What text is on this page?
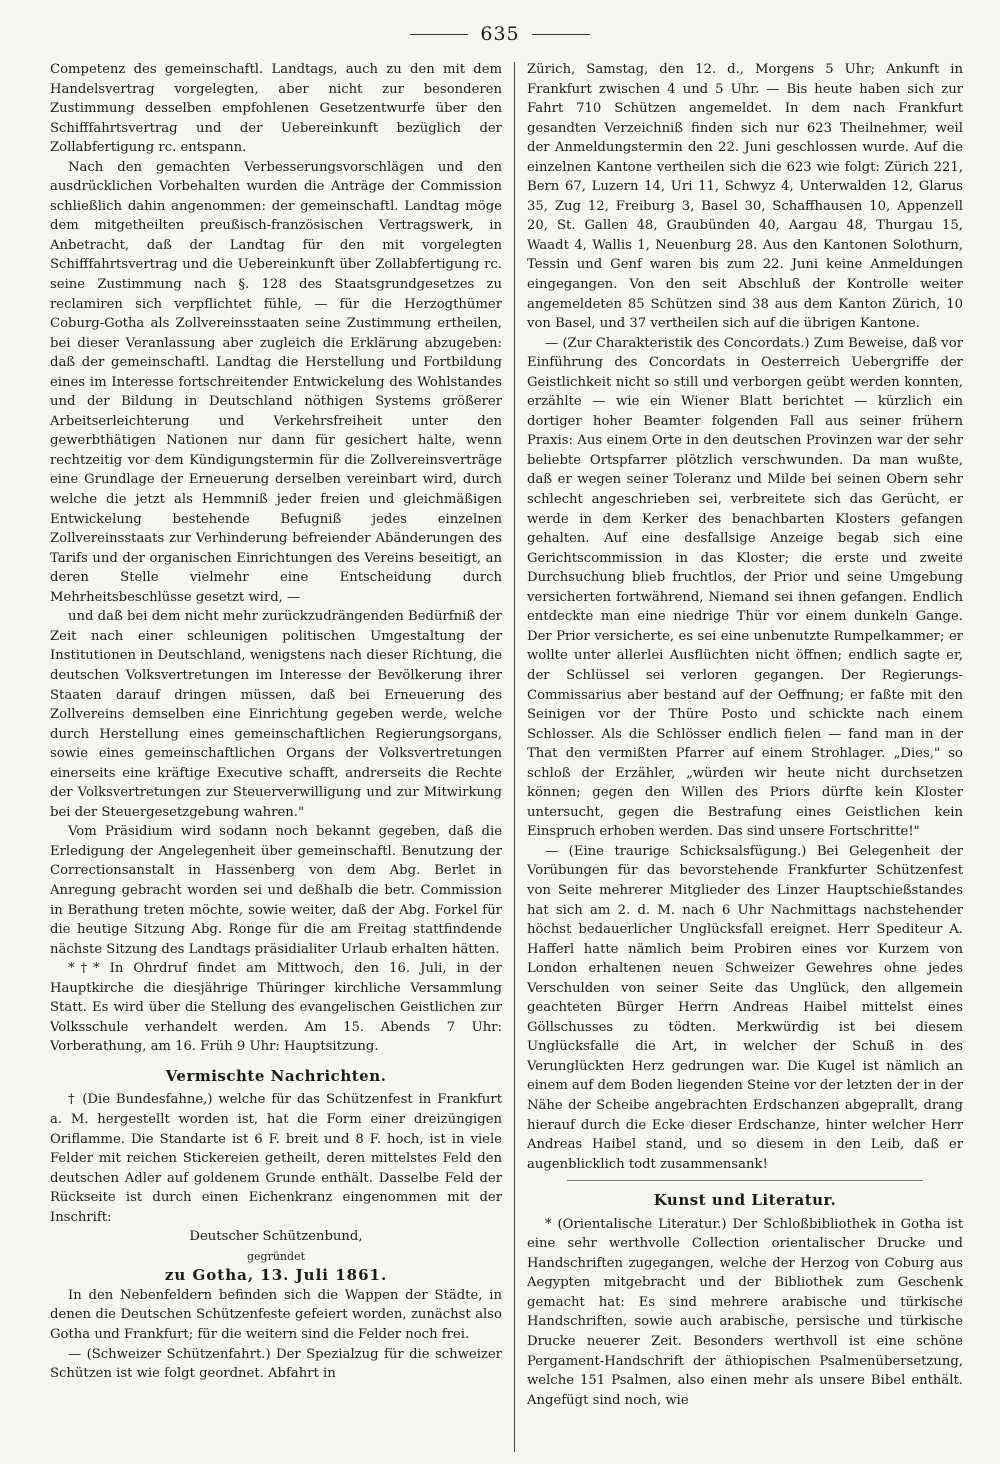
635

Competenz des gemeinschaftl. Landtags, auch zu den mit dem Handelsvertrag vorgelegten, aber nicht zur besonderen Zustimmung desselben empfohlenen Gesetzentwurfe über den Schifffahrtsvertrag und der Uebereinkunft bezüglich der Zollabfertigung rc. entspann.

Nach den gemachten Verbesserungsvorschlägen und den ausdrücklichen Vorbehalten wurden die Anträge der Commission schließlich dahin angenommen: der gemeinschaftl. Landtag möge dem mitgetheilten preußisch-französischen Vertragswerk, in Anbetracht, daß der Landtag für den mit vorgelegten Schifffahrtsvertrag und die Uebereinkunft über Zollabfertigung rc. seine Zustimmung nach §. 128 des Staatsgrundgesetzes zu reclamiren sich verpflichtet fühle, — für die Herzogthümer Coburg-Gotha als Zollvereinsstaaten seine Zustimmung ertheilen, bei dieser Veranlassung aber zugleich die Erklärung abzugeben: daß der gemeinschaftl. Landtag die Herstellung und Fortbildung eines im Interesse fortschreitender Entwickelung des Wohlstandes und der Bildung in Deutschland nöthigen Systems größerer Arbeitserleichterung und Verkehrsfreiheit unter den gewerbthätigen Nationen nur dann für gesichert halte, wenn rechtzeitig vor dem Kündigungstermin für die Zollvereinsverträge eine Grundlage der Erneuerung derselben vereinbart wird, durch welche die jetzt als Hemmniß jeder freien und gleichmäßigen Entwickelung bestehende Befugniß jedes einzelnen Zollvereinsstaats zur Verhinderung befreiender Abänderungen des Tarifs und der organischen Einrichtungen des Vereins beseitigt, an deren Stelle vielmehr eine Entscheidung durch Mehrheitsbeschlüsse gesetzt wird, —

und daß bei dem nicht mehr zurückzudrängenden Bedürfniß der Zeit nach einer schleunigen politischen Umgestaltung der Institutionen in Deutschland, wenigstens nach dieser Richtung, die deutschen Volksvertretungen im Interesse der Bevölkerung ihrer Staaten darauf dringen müssen, daß bei Erneuerung des Zollvereins demselben eine Einrichtung gegeben werde, welche durch Herstellung eines gemeinschaftlichen Regierungsorgans, sowie eines gemeinschaftlichen Organs der Volksvertretungen einerseits eine kräftige Executive schafft, andrerseits die Rechte der Volksvertretungen zur Steuerverwilligung und zur Mitwirkung bei der Steuergesetzgebung wahren."

Vom Präsidium wird sodann noch bekannt gegeben, daß die Erledigung der Angelegenheit über gemeinschaftl. Benutzung der Correctionsanstalt in Hassenberg von dem Abg. Berlet in Anregung gebracht worden sei und deßhalb die betr. Commission in Berathung treten möchte, sowie weiter, daß der Abg. Forkel für die heutige Sitzung Abg. Ronge für die am Freitag stattfindende nächste Sitzung des Landtags präsidialiter Urlaub erhalten hätten.

*†* In Ohrdruf findet am Mittwoch, den 16. Juli, in der Hauptkirche die diesjährige Thüringer kirchliche Versammlung Statt. Es wird über die Stellung des evangelischen Geistlichen zur Volksschule verhandelt werden. Am 15. Abends 7 Uhr: Vorberathung, am 16. Früh 9 Uhr: Hauptsitzung.

Vermischte Nachrichten.

† (Die Bundesfahne,) welche für das Schützenfest in Frankfurt a. M. hergestellt worden ist, hat die Form einer dreizüngigen Oriflamme. Die Standarte ist 6 F. breit und 8 F. hoch, ist in viele Felder mit reichen Stickereien getheilt, deren mittelstes Feld den deutschen Adler auf goldenem Grunde enthält. Dasselbe Feld der Rückseite ist durch einen Eichenkranz eingenommen mit der Inschrift:

Deutscher Schützenbund,

gegründet

zu Gotha, 13. Juli 1861.

In den Nebenfeldern befinden sich die Wappen der Städte, in denen die Deutschen Schützenfeste gefeiert worden, zunächst also Gotha und Frankfurt; für die weitern sind die Felder noch frei.

— (Schweizer Schützenfahrt.) Der Spezialzug für die schweizer Schützen ist wie folgt geordnet. Abfahrt in

Zürich, Samstag, den 12. d., Morgens 5 Uhr; Ankunft in Frankfurt zwischen 4 und 5 Uhr. — Bis heute haben sich zur Fahrt 710 Schützen angemeldet. In dem nach Frankfurt gesandten Verzeichniß finden sich nur 623 Theilnehmer, weil der Anmeldungstermin den 22. Juni geschlossen wurde. Auf die einzelnen Kantone vertheilen sich die 623 wie folgt: Zürich 221, Bern 67, Luzern 14, Uri 11, Schwyz 4, Unterwalden 12, Glarus 35, Zug 12, Freiburg 3, Basel 30, Schaffhausen 10, Appenzell 20, St. Gallen 48, Graubünden 40, Aargau 48, Thurgau 15, Waadt 4, Wallis 1, Neuenburg 28. Aus den Kantonen Solothurn, Tessin und Genf waren bis zum 22. Juni keine Anmeldungen eingegangen. Von den seit Abschluß der Kontrolle weiter angemeldeten 85 Schützen sind 38 aus dem Kanton Zürich, 10 von Basel, und 37 vertheilen sich auf die übrigen Kantone.

— (Zur Charakteristik des Concordats.) Zum Beweise, daß vor Einführung des Concordats in Oesterreich Uebergriffe der Geistlichkeit nicht so still und verborgen geübt werden konnten, erzählte — wie ein Wiener Blatt berichtet — kürzlich ein dortiger hoher Beamter folgenden Fall aus seiner frühern Praxis: Aus einem Orte in den deutschen Provinzen war der sehr beliebte Ortspfarrer plötzlich verschwunden. Da man wußte, daß er wegen seiner Toleranz und Milde bei seinen Obern sehr schlecht angeschrieben sei, verbreitete sich das Gerücht, er werde in dem Kerker des benachbarten Klosters gefangen gehalten. Auf eine desfallsige Anzeige begab sich eine Gerichtscommission in das Kloster; die erste und zweite Durchsuchung blieb fruchtlos, der Prior und seine Umgebung versicherten fortwährend, Niemand sei ihnen gefangen. Endlich entdeckte man eine niedrige Thür vor einem dunkeln Gange. Der Prior versicherte, es sei eine unbenutzte Rumpelkammer; er wollte unter allerlei Ausflüchten nicht öffnen; endlich sagte er, der Schlüssel sei verloren gegangen. Der Regierungs-Commissarius aber bestand auf der Oeffnung; er faßte mit den Seinigen vor der Thüre Posto und schickte nach einem Schlosser. Als die Schlösser endlich fielen — fand man in der That den vermißten Pfarrer auf einem Strohlager. „Dies," so schloß der Erzähler, „würden wir heute nicht durchsetzen können; gegen den Willen des Priors dürfte kein Kloster untersucht, gegen die Bestrafung eines Geistlichen kein Einspruch erhoben werden. Das sind unsere Fortschritte!"

— (Eine traurige Schicksalsfügung.) Bei Gelegenheit der Vorübungen für das bevorstehende Frankfurter Schützenfest von Seite mehrerer Mitglieder des Linzer Hauptschießstandes hat sich am 2. d. M. nach 6 Uhr Nachmittags nachstehender höchst bedauerlicher Unglücksfall ereignet. Herr Spediteur A. Hafferl hatte nämlich beim Probiren eines vor Kurzem von London erhaltenen neuen Schweizer Gewehres ohne jedes Verschulden von seiner Seite das Unglück, den allgemein geachteten Bürger Herrn Andreas Haibel mittelst eines Göllschusses zu tödten. Merkwürdig ist bei diesem Unglücksfalle die Art, in welcher der Schuß in des Verunglückten Herz gedrungen war. Die Kugel ist nämlich an einem auf dem Boden liegenden Steine vor der letzten der in der Nähe der Scheibe angebrachten Erdschanzen abgeprallt, drang hierauf durch die Ecke dieser Erdschanze, hinter welcher Herr Andreas Haibel stand, und so diesem in den Leib, daß er augenblicklich todt zusammensank!

Kunst und Literatur.

* (Orientalische Literatur.) Der Schloßbibliothek in Gotha ist eine sehr werthvolle Collection orientalischer Drucke und Handschriften zugegangen, welche der Herzog von Coburg aus Aegypten mitgebracht und der Bibliothek zum Geschenk gemacht hat: Es sind mehrere arabische und türkische Handschriften, sowie auch arabische, persische und türkische Drucke neuerer Zeit. Besonders werthvoll ist eine schöne Pergament-Handschrift der äthiopischen Psalmenübersetzung, welche 151 Psalmen, also einen mehr als unsere Bibel enthält. Angefügt sind noch, wie
